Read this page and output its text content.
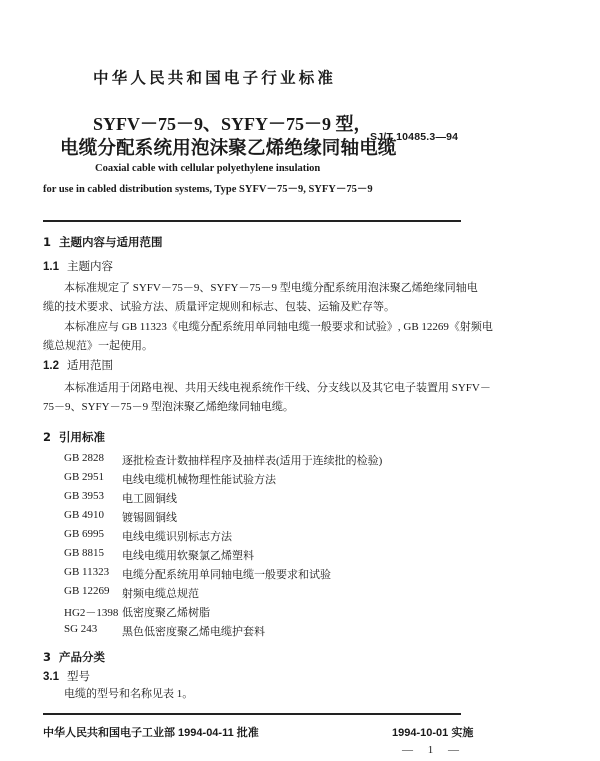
中华人民共和国电子行业标准
SYFV－75－9、SYFY－75－9 型，
电缆分配系统用泡沫聚乙烯绝缘同轴电缆
SJ/T 10485.3—94
Coaxial cable with cellular polyethylene insulation
for use in cabled distribution systems, Type SYFV－75－9, SYFY－75－9
1 主题内容与适用范围
1.1 主题内容
本标准规定了 SYFV－75－9、SYFY－75－9 型电缆分配系统用泡沫聚乙烯绝缘同轴电
缆的技术要求、试验方法、质量评定规则和标志、包装、运输及贮存等。
本标准应与 GB 11323《电缆分配系统用单同轴电缆一般要求和试验》, GB 12269《射频电
缆总规范》一起使用。
1.2 适用范围
本标准适用于闭路电视、共用天线电视系统作干线、分支线以及其它电子装置用 SYFV－
75－9、SYFY－75－9 型泡沫聚乙烯绝缘同轴电缆。
2 引用标准
GB 2828 逐批检查计数抽样程序及抽样表(适用于连续批的检验)
GB 2951 电线电缆机械物理性能试验方法
GB 3953 电工圆铜线
GB 4910 镀锡圆铜线
GB 6995 电线电缆识别标志方法
GB 8815 电线电缆用软聚氯乙烯塑料
GB 11323 电缆分配系统用单同轴电缆一般要求和试验
GB 12269 射频电缆总规范
HG2－1398 低密度聚乙烯树脂
SG 243 黑色低密度聚乙烯电缆护套料
3 产品分类
3.1 型号
电缆的型号和名称见表 1。
中华人民共和国电子工业部 1994-04-11 批准	1994-10-01 实施
— 1 —
